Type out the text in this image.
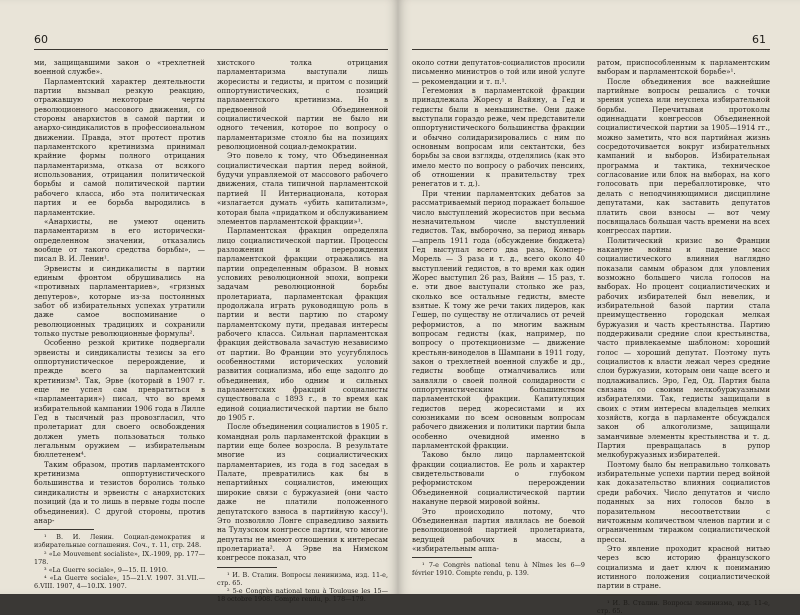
60

ми, защищавшими закон о «трехлетней военной службе».

Парламентский характер деятельности партии вызывал резкую реакцию, отражавшую некоторые черты революционного массового движения, со стороны анархистов в самой партии и анархо-синдикалистов в профессиональном движении. Правда, этот протест против парламентского кретинизма принимал крайние формы полного отрицания парламентаризма, отказа от всякого использования, отрицания политической борьбы и самой политической партии рабочего класса, ибо эта политическая партия и ее борьба выродились в парламентские.

«Анархисты, не умеют оценить парламентаризм в его исторически-определенном значении, отказались вообще от такого средства борьбы», — писал В. И. Ленин¹.

Эрвеисты и синдикалисты в партии единым фронтом обрушивались на «противных парламентариев», «грязных депутеров», которые из-за постоянных забот об избирательных успехах утратили даже самое воспоминание о революционных традициях и сохранили только пустые революционные формулы².

Особенно резкой критике подвергали эрвеисты и синдикалисты тезисы за его оппортунистическое перерождение, и прежде всего за парламентский кретинизм³. Так, Эрве (который в 1907 г. еще не успел сам превратиться в «парламентария») писал, что во время избирательной кампании 1906 года в Лилле Гед в тысячный раз провозгласил, что пролетариат для своего освобождения должен уметь пользоваться только легальным оружием — избирательным бюллетенем⁴.

Таким образом, против парламентского кретинизма оппортунистического большинства и тезистов боролись только синдикалисты и эрвеисты с анархистских позиций (да и то лишь в первые годы после объединения). С другой стороны, против анар-

¹ В. И. Ленин. Социал-демократия и избирательные соглашения. Соч., т. 11, стр. 248.

² «Le Mouvement socialiste», IX.-1909, pp. 177—178.

³ «La Guerre sociale», 9—15. II. 1910.

⁴ «La Guerre sociale», 15—21.V. 1907. 31.VII.—6.VIII. 1907, 4—10.IX. 1907.

хистского толка отрицания парламентаризма выступали лишь жоресисты и гедисты, и притом с позиций оппортунистических, с позиций парламентского кретинизма. Но в предвоенной Объединенной социалистической партии не было ни одного течения, которое по вопросу о парламентаризме стояло бы на позициях революционной социал-демократии.

Это повело к тому, что Объединенная социалистическая партия перед войной, будучи управляемой от массового рабочего движения, стала типичной парламентской партией II Интернационала, которая «излагается думать «убить капитализм», которая была «придатком и обслуживанием элементов парламентской фракции»¹.

Парламентская фракция определяла лицо социалистической партии. Процессы разложения и перерождения парламентской фракции отражались на партии определенным образом. В новых условиях революционной эпохи, вопреки задачам революционной борьбы пролетариата, парламентская фракция продолжала играть руководящую роль в партии и вести партию по старому парламентскому пути, предавая интересы рабочего класса. Сильная парламентская фракция действовала зачастую независимо от партии. Во Франции это усугублялось особенностями исторических условий развития социализма, ибо еще задолго до объединения, ибо одним и сильных парламентских фракций социалисты существовала с 1893 г., в то время как единой социалистической партии не было до 1905 г.

После объединения социалистов в 1905 г. командная роль парламентской фракции в партии еще более возросла. В результате многие из социалистических парламентариев, из года в год заседая в Палате, превратились как бы в непартийных социалистов, имеющих широкие связи с буржуазией (они часто даже не платили положенного депутатского взноса в партийную кассу¹). Это позволяло Лонге справедливо заявить на Тулузском конгрессе партии, что многие депутаты не имеют отношения к интересам пролетариата². А Эрве на Нимском конгрессе показал, что

¹ И. В. Сталин. Вопросы ленинизма, изд. 11-е, стр. 65.

² 5-e Congrès national tenu à Toulouse les 15—18 octobre 1908. Compte rendu, p. 178—179.

61

около сотни депутатов-социалистов просили письменно министров о той или иной услуге — рекомендации и т. п.¹.

Гегемония в парламентской фракции принадлежала Жоресу и Вайяну, а Гед и гедисты были в меньшинстве. Они даже выступали гораздо реже, чем представители оппортунистического большинства фракции и обычно солидаризировались с ним по основным вопросам или сектантски, без борьбы за свои взгляды, отделялись (как это имело место по вопросу о рабочих пенсиях, об отношении к правительству трех ренегатов и т. д.).

При чтении парламентских дебатов за рассматриваемый период поражает большое число выступлений жоресистов при весьма незначительном числе выступлений гедистов. Так, выборочно, за период январь—апрель 1911 года (обсуждение бюджета) Гед выступал всего два раза, Компер-Морель — 3 раза и т. д., всего около 40 выступлений гедистов, в то время как один Жорес выступил 26 раз, Вайян — 15 раз, т. е. эти двое выступали столько же раз, сколько все остальные гедисты, вместе взятые. К тому же речи таких лидеров, как Гешер, по существу не отличались от речей реформистов, а по многим важным вопросам гедисты (как, например, по вопросу о протекционизме — движение крестьян-виноделов в Шампани в 1911 году, закон о трехлетней военной службе и др., гедисты вообще отмалчивались или заявляли о своей полной солидарности с оппортунистическим большинством парламентской фракции. Капитуляция гедистов перед жоресистами и их союзниками по всем основным вопросам рабочего движения и политики партии была особенно очевидной именно в парламентской фракции.

Таково было лицо парламентской фракции социалистов. Ее роль и характер свидетельствовали о глубоком реформистском перерождении Объединенной социалистической партии накануне первой мировой войны.

Это происходило потому, что Объединенная партия являлась не боевой революционной партией пролетариата, ведущей рабочих в массы, а «избирательным аппа-

¹ 7-e Congrès national tenu à Nîmes les 6—9 février 1910. Compte rendu, p. 139.

ратом, приспособленным к парламентским выборам и парламентской борьбе»¹.

После объединения все важнейшие партийные вопросы решались с точки зрения успеха или неуспеха избирательной борьбы. Перечитывая протоколы одиннадцати конгрессов Объединенной социалистической партии за 1905—1914 гг., можно заметить, что вся партийная жизнь сосредоточивается вокруг избирательных кампаний и выборов. Избирательная программа и тактика, техническое согласование или блок на выборах, на кого голосовать при перебаллотировке, что делать с неподчиняющимися дисциплине депутатами, как заставить депутатов платить свои взносы — вот чему посвящалась большая часть времени на всех конгрессах партии.

Политический кризис во Франции накануне войны и падение масс социалистического влияния наглядно показали самым образом для уловления возможно большего числа голосов на выборах. Но процент социалистических и рабочих избирателей был невелик, и избирательной базой партии стала преимущественно городская мелкая буржуазия и часть крестьянства. Партию поддерживали средние слои крестьянства, часто привлекаемые шаблоном: хороший голос — хороший депутат. Поэтому путь социалистов к власти лежал через средние слои буржуазии, которым они чаще всего и подлаживались. Эро, Гед, Од. Партия была связана со своими мелкобуржуазными избирателями. Так, гедисты защищали в своих с этим интересы владельцев мелких хозяйств, когда в парламенте обсуждался закон об алкоголизме, защищали заманчивые элементы крестьянства и т. д. Партия превращалась в рупор мелкобуржуазных избирателей.

Поэтому было бы неправильно толковать избирательные успехи партии перед войной как доказательство влияния социалистов среди рабочих. Число депутатов и число поданных за них голосов было в поразительном несоответствии с ничтожным количеством членов партии и с ограниченным тиражом социалистической прессы.

Это явление проходит красной нитью через всю историю французского социализма и дает ключ к пониманию истинного положения социалистической партии в стране.

¹ И. В. Сталин. Вопросы ленинизма, изд. 11-е, стр. 65.
